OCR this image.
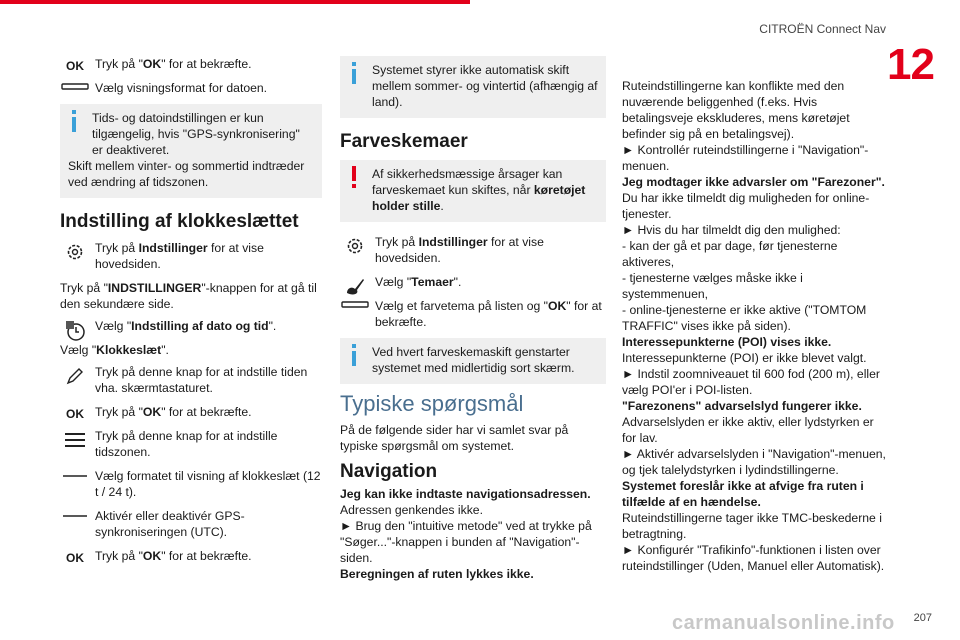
CITROËN Connect Nav
12
OK Tryk på "OK" for at bekræfte.
Vælg visningsformat for datoen.
Tids- og datoindstillingen er kun tilgængelig, hvis "GPS-synkronisering" er deaktiveret.
Skift mellem vinter- og sommertid indtræder ved ændring af tidszonen.
Indstilling af klokkeslættet
Tryk på Indstillinger for at vise hovedsiden.

Tryk på "INDSTILLINGER"-knappen for at gå til den sekundære side.

Vælg "Indstilling af dato og tid".

Vælg "Klokkeslæt".

Tryk på denne knap for at indstille tiden vha. skærmtastaturet.
OK Tryk på "OK" for at bekræfte.
Tryk på denne knap for at indstille tidszonen.
Vælg formatet til visning af klokkeslæt (12 t / 24 t).
Aktivér eller deaktivér GPS-synkroniseringen (UTC).
OK Tryk på "OK" for at bekræfte.
Systemet styrer ikke automatisk skift mellem sommer- og vintertid (afhængig af land).
Farveskemaer
Af sikkerhedsmæssige årsager kan farveskemaet kun skiftes, når køretøjet holder stille.
Tryk på Indstillinger for at vise hovedsiden.
Vælg "Temaer".
Vælg et farvetema på listen og "OK" for at bekræfte.
Ved hvert farveskemaskift genstarter systemet med midlertidig sort skærm.
Typiske spørgsmål

På de følgende sider har vi samlet svar på typiske spørgsmål om systemet.

Navigation

Jeg kan ikke indtaste navigationsadressen.

Adressen genkendes ikke.

► Brug den "intuitive metode" ved at trykke på "Søger..."-knappen i bunden af "Navigation"-siden.

Beregningen af ruten lykkes ikke.

Ruteindstillingerne kan konflikte med den nuværende beliggenhed (f.eks. Hvis betalingsveje ekskluderes, mens køretøjet befinder sig på en betalingsvej).

► Kontrollér ruteindstillingerne i "Navigation"-menuen.

Jeg modtager ikke advarsler om "Farezoner".

Du har ikke tilmeldt dig muligheden for online-tjenester.

► Hvis du har tilmeldt dig den mulighed:

- kan der gå et par dage, før tjenesterne aktiveres,

- tjenesterne vælges måske ikke i systemmenuen,

- online-tjenesterne er ikke aktive ("TOMTOM TRAFFIC" vises ikke på siden).

Interessepunkterne (POI) vises ikke.

Interessepunkterne (POI) er ikke blevet valgt.

► Indstil zoomniveauet til 600 fod (200 m), eller vælg POI'er i POI-listen.

"Farezonens" advarselslyd fungerer ikke.

Advarselslyden er ikke aktiv, eller lydstyrken er for lav.

► Aktivér advarselslyden i "Navigation"-menuen, og tjek talelydstyrken i lydindstillingerne.

Systemet foreslår ikke at afvige fra ruten i tilfælde af en hændelse.

Ruteindstillingerne tager ikke TMC-beskederne i betragtning.

► Konfigurér "Trafikinfo"-funktionen i listen over ruteindstillinger (Uden, Manuel eller Automatisk).

carmanualsonline.info 207
